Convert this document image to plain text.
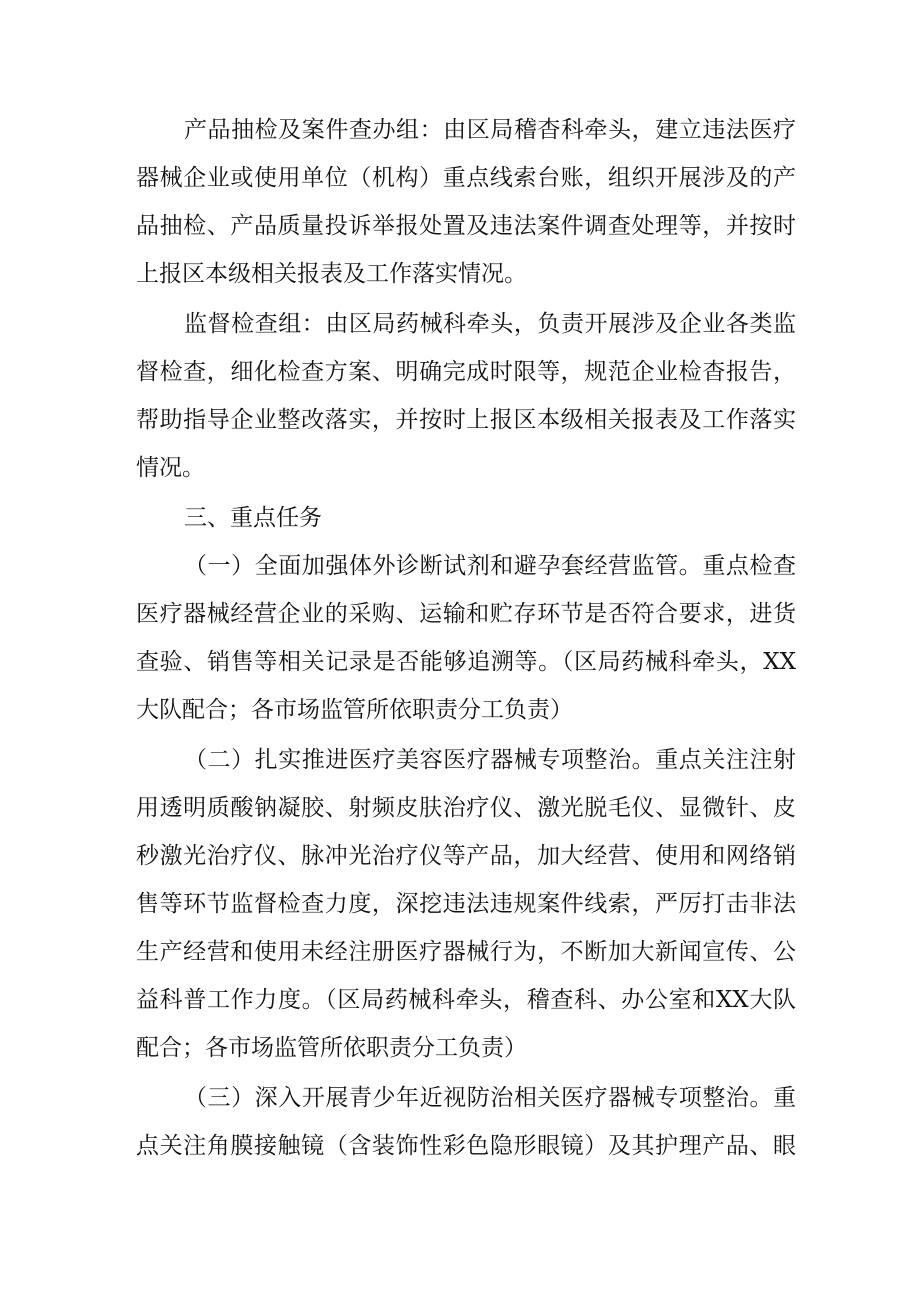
产品抽检及案件查办组：由区局稽杳科牵头，建立违法医疗
器械企业或使用单位（机构）重点线索台账，组织开展涉及的产
品抽检、产品质量投诉举报处置及违法案件调查处理等，并按时
上报区本级相关报表及工作落实情况。
监督检查组：由区局药械科牵头，负责开展涉及企业各类监
督检查，细化检查方案、明确完成时限等，规范企业检杳报告，
帮助指导企业整改落实，并按时上报区本级相关报表及工作落实
情况。
三、重点任务
（一）全面加强体外诊断试剂和避孕套经营监管。重点检查
医疗器械经营企业的采购、运输和贮存环节是否符合要求，进货
查验、销售等相关记录是否能够追溯等。（区局药械科牵头，XX
大队配合；各市场监管所依职责分工负责）
（二）扎实推进医疗美容医疗器械专项整治。重点关注注射
用透明质酸钠凝胶、射频皮肤治疗仪、激光脱毛仪、显微针、皮
秒激光治疗仪、脉冲光治疗仪等产品，加大经营、使用和网络销
售等环节监督检查力度，深挖违法违规案件线索，严厉打击非法
生产经营和使用未经注册医疗器械行为，不断加大新闻宣传、公
益科普工作力度。（区局药械科牵头，稽查科、办公室和XX大队
配合；各市场监管所依职责分工负责）
（三）深入开展青少年近视防治相关医疗器械专项整治。重
点关注角膜接触镜（含装饰性彩色隐形眼镜）及其护理产品、眼
